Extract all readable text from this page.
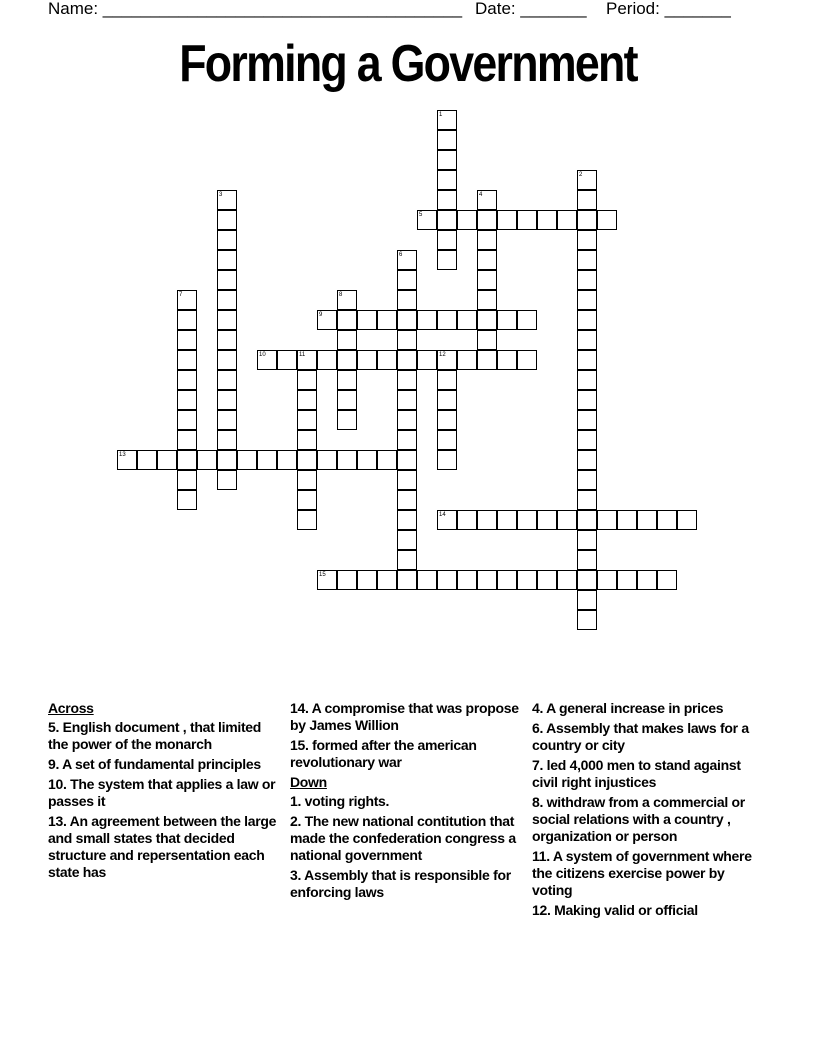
Name: ______________________________________ Date: _______ Period: _______
Forming a Government
1
2
3	4
5
6
7	8
9
10	11	12
13
14
15
Across
5. English document , that limited the power of the monarch
9. A set of fundamental principles
10. The system that applies a law or passes it
13. An agreement between the large and small states that decided structure and repersentation each state has
14. A compromise that was propose by James Willion
15. formed after the american revolutionary war
Down
1. voting rights.
2. The new national contitution that made the confederation congress a national government
3. Assembly that is responsible for enforcing laws
4. A general increase in prices
6. Assembly that makes laws for a country or city
7. led 4,000 men to stand against civil right injustices
8. withdraw from a commercial or social relations with a country , organization or person
11. A system of government where the citizens exercise power by voting
12. Making valid or official
